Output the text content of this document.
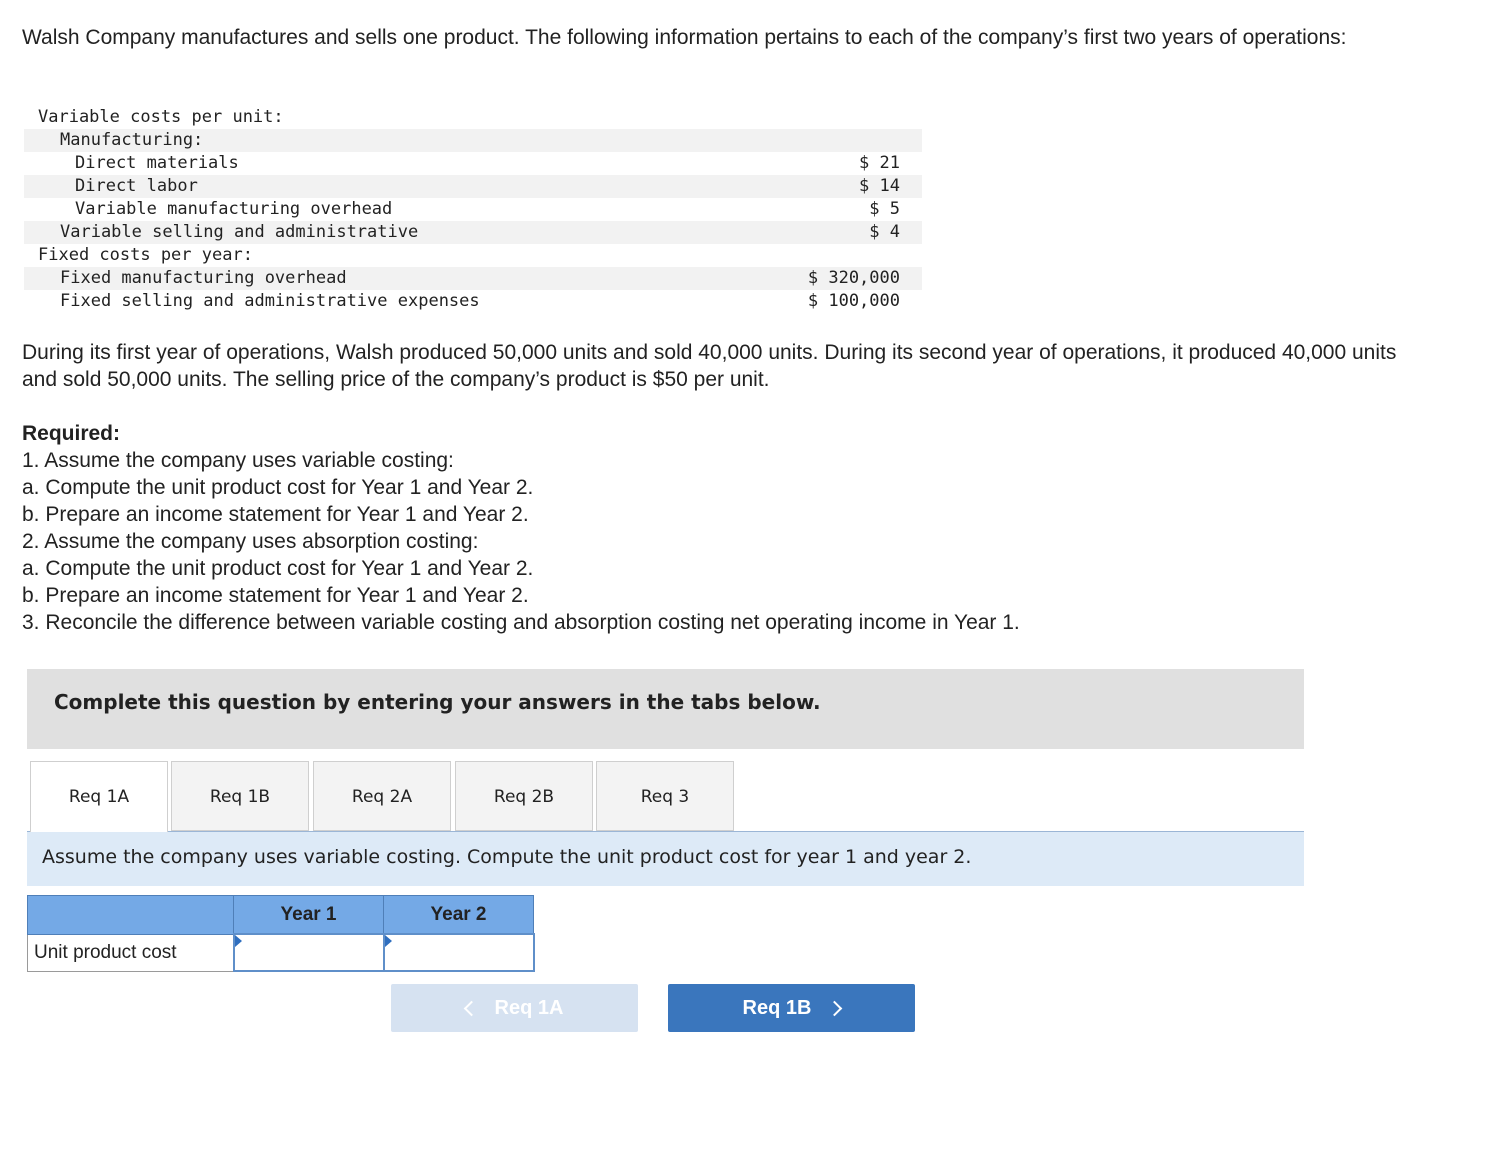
Walsh Company manufactures and sells one product. The following information pertains to each of the company’s first two years of operations:
Variable costs per unit:
Manufacturing:
Direct materials	$ 21
Direct labor	$ 14
Variable manufacturing overhead	$ 5
Variable selling and administrative	$ 4
Fixed costs per year:
Fixed manufacturing overhead	$ 320,000
Fixed selling and administrative expenses	$ 100,000
During its first year of operations, Walsh produced 50,000 units and sold 40,000 units. During its second year of operations, it produced 40,000 units and sold 50,000 units. The selling price of the company’s product is $50 per unit.
Required:
1. Assume the company uses variable costing:
a. Compute the unit product cost for Year 1 and Year 2.
b. Prepare an income statement for Year 1 and Year 2.
2. Assume the company uses absorption costing:
a. Compute the unit product cost for Year 1 and Year 2.
b. Prepare an income statement for Year 1 and Year 2.
3. Reconcile the difference between variable costing and absorption costing net operating income in Year 1.
Complete this question by entering your answers in the tabs below.
Req 1A	Req 1B	Req 2A	Req 2B	Req 3
Assume the company uses variable costing. Compute the unit product cost for year 1 and year 2.
	Year 1	Year 2
Unit product cost	

Req 1A	Req 1B
